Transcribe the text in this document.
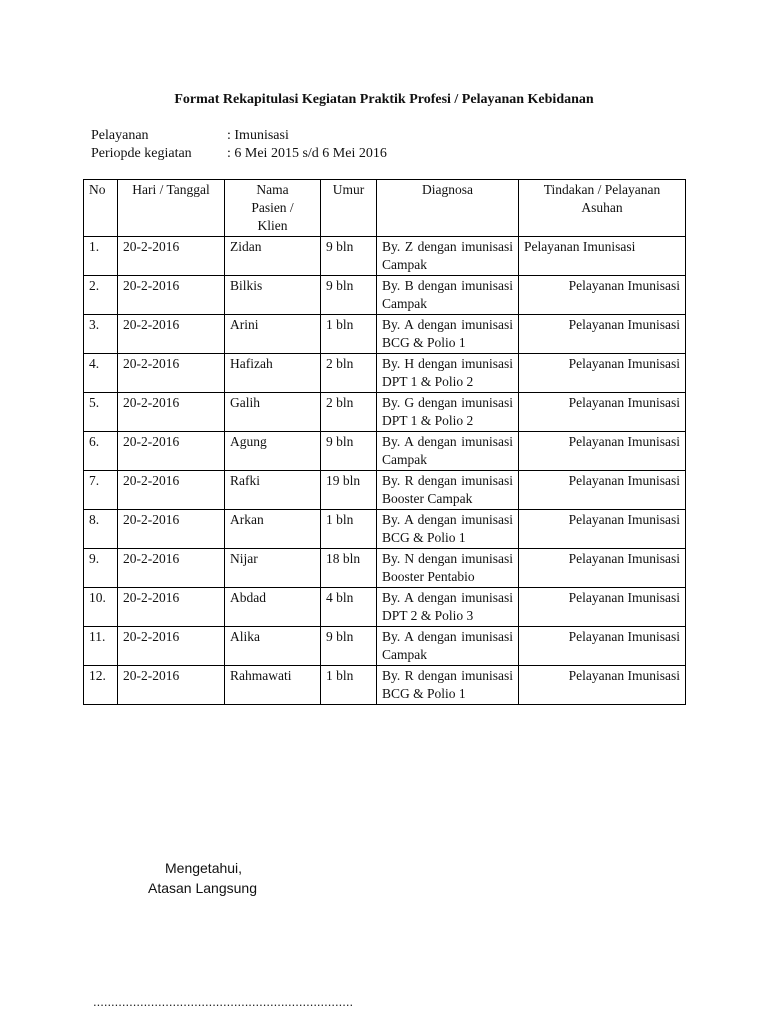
Format Rekapitulasi Kegiatan Praktik Profesi / Pelayanan Kebidanan
Pelayanan	: Imunisasi
Periopde kegiatan	: 6 Mei 2015 s/d 6 Mei 2016
No	Hari / Tanggal	Nama Pasien / Klien	Umur	Diagnosa	Tindakan / Pelayanan Asuhan
1.	20-2-2016	Zidan	9 bln	By. Z dengan imunisasi Campak	Pelayanan Imunisasi
2.	20-2-2016	Bilkis	9 bln	By. B dengan imunisasi Campak	Pelayanan Imunisasi
3.	20-2-2016	Arini	1 bln	By. A dengan imunisasi BCG & Polio 1	Pelayanan Imunisasi
4.	20-2-2016	Hafizah	2 bln	By. H dengan imunisasi DPT 1 & Polio 2	Pelayanan Imunisasi
5.	20-2-2016	Galih	2 bln	By. G dengan imunisasi DPT 1 & Polio 2	Pelayanan Imunisasi
6.	20-2-2016	Agung	9 bln	By. A dengan imunisasi Campak	Pelayanan Imunisasi
7.	20-2-2016	Rafki	19 bln	By. R dengan imunisasi Booster Campak	Pelayanan Imunisasi
8.	20-2-2016	Arkan	1 bln	By. A dengan imunisasi BCG & Polio 1	Pelayanan Imunisasi
9.	20-2-2016	Nijar	18 bln	By. N dengan imunisasi Booster Pentabio	Pelayanan Imunisasi
10.	20-2-2016	Abdad	4 bln	By. A dengan imunisasi DPT 2 & Polio 3	Pelayanan Imunisasi
11.	20-2-2016	Alika	9 bln	By. A dengan imunisasi Campak	Pelayanan Imunisasi
12.	20-2-2016	Rahmawati	1 bln	By. R dengan imunisasi BCG & Polio 1	Pelayanan Imunisasi
Mengetahui,
Atasan Langsung
........................................................................
